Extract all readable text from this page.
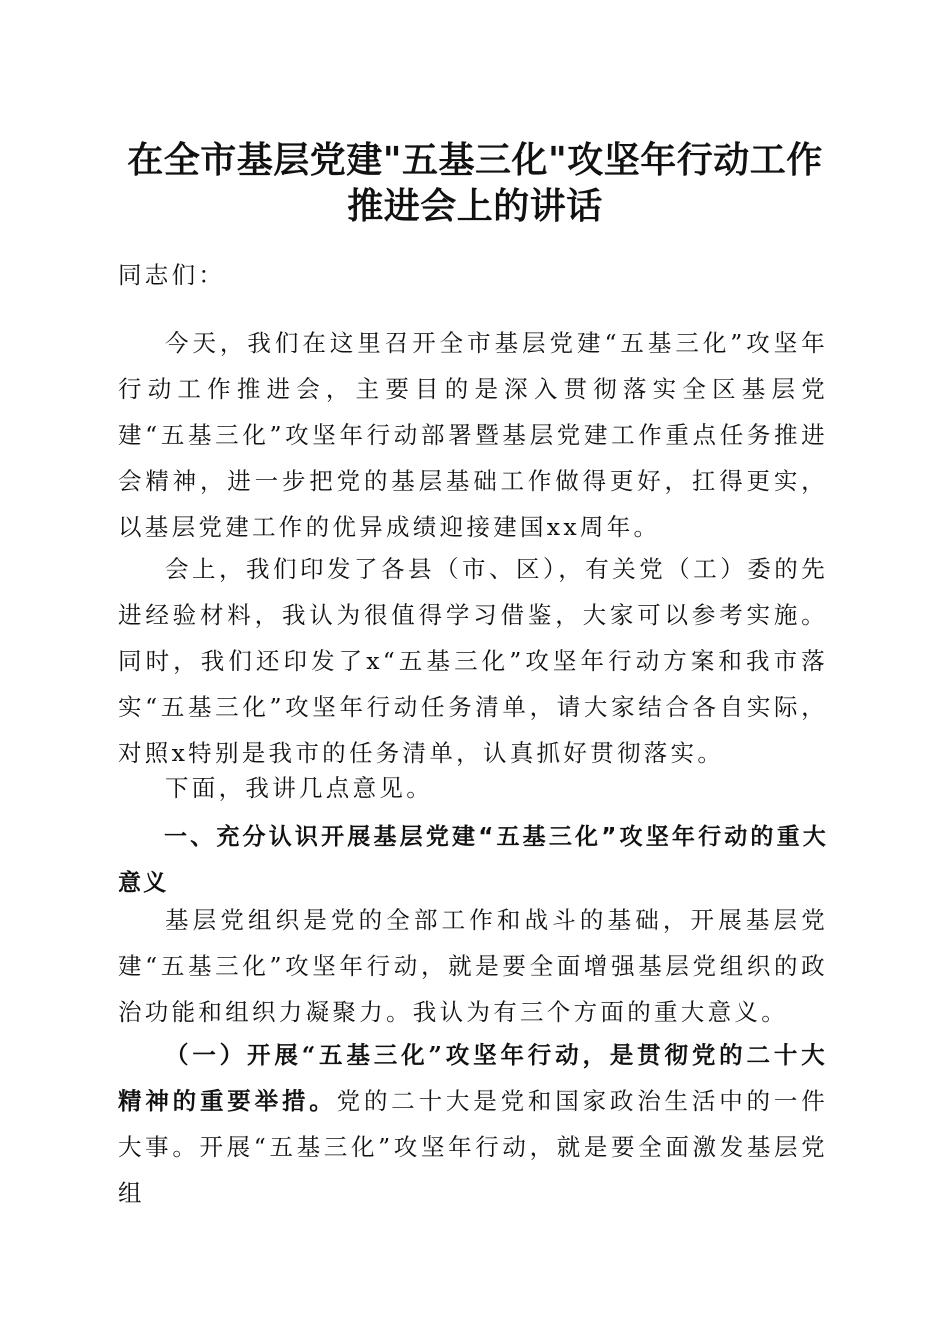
在全市基层党建"五基三化"攻坚年行动工作
推进会上的讲话
同志们：
今天，我们在这里召开全市基层党建“五基三化”攻坚年行动工作推进会，主要目的是深入贯彻落实全区基层党建“五基三化”攻坚年行动部署暨基层党建工作重点任务推进会精神，进一步把党的基层基础工作做得更好，扛得更实，以基层党建工作的优异成绩迎接建国xx周年。
会上，我们印发了各县（市、区），有关党（工）委的先进经验材料，我认为很值得学习借鉴，大家可以参考实施。同时，我们还印发了x“五基三化”攻坚年行动方案和我市落实“五基三化”攻坚年行动任务清单，请大家结合各自实际，对照x特别是我市的任务清单，认真抓好贯彻落实。
下面，我讲几点意见。
一、充分认识开展基层党建“五基三化”攻坚年行动的重大意义
基层党组织是党的全部工作和战斗的基础，开展基层党建“五基三化”攻坚年行动，就是要全面增强基层党组织的政治功能和组织力凝聚力。我认为有三个方面的重大意义。
（一）开展“五基三化”攻坚年行动，是贯彻党的二十大精神的重要举措。党的二十大是党和国家政治生活中的一件大事。开展“五基三化”攻坚年行动，就是要全面激发基层党组
